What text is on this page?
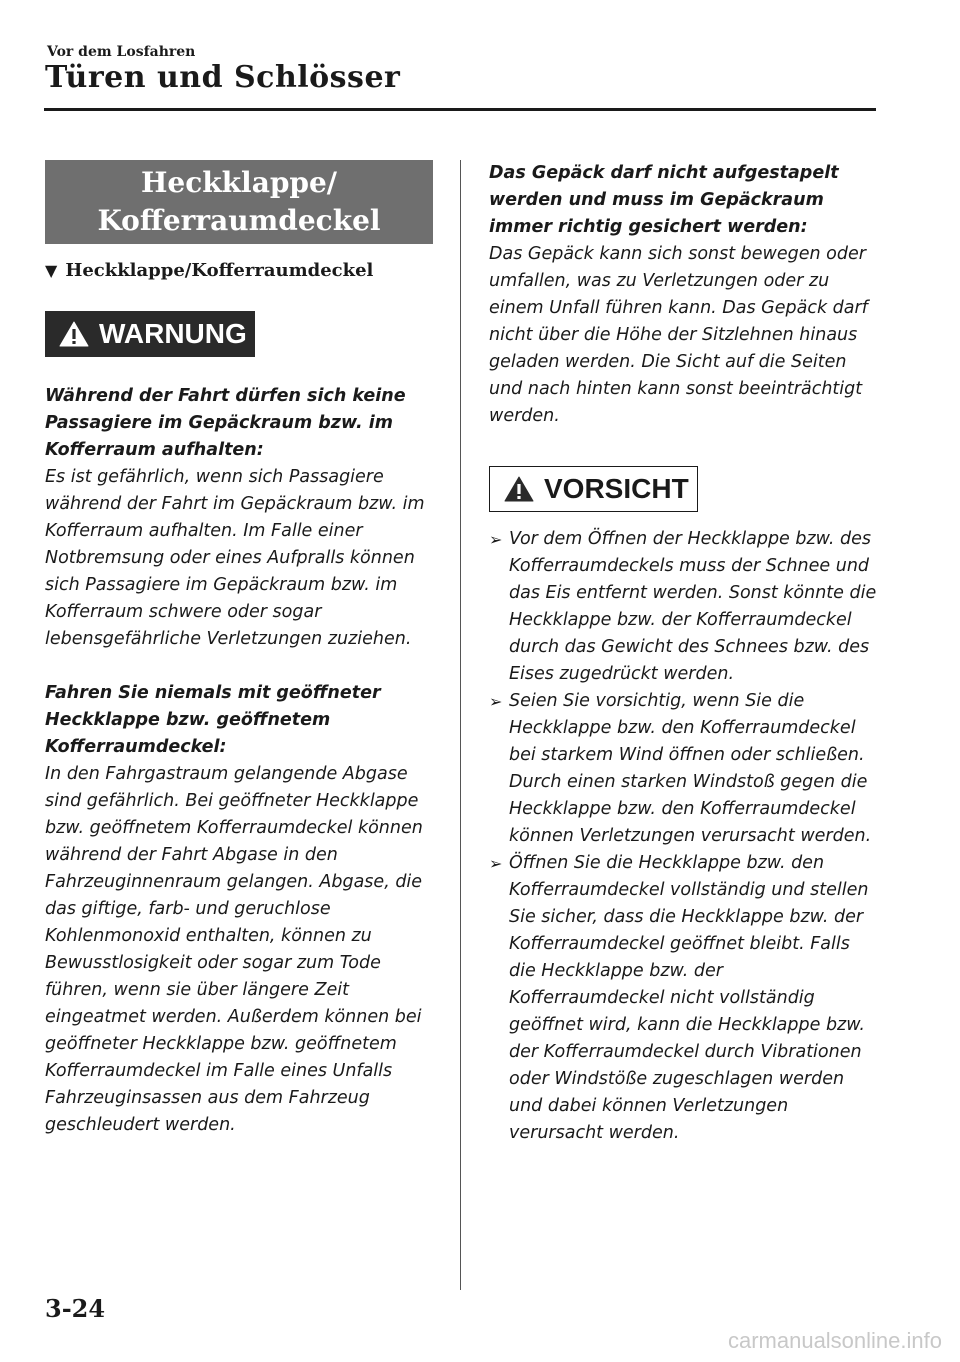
Vor dem Losfahren
Türen und Schlösser
Heckklappe/
Kofferraumdeckel
▼ Heckklappe/Kofferraumdeckel
WARNUNG

Während der Fahrt dürfen sich keine Passagiere im Gepäckraum bzw. im Kofferraum aufhalten:

Es ist gefährlich, wenn sich Passagiere während der Fahrt im Gepäckraum bzw. im Kofferraum aufhalten. Im Falle einer Notbremsung oder eines Aufpralls können sich Passagiere im Gepäckraum bzw. im Kofferraum schwere oder sogar lebensgefährliche Verletzungen zuziehen.

Fahren Sie niemals mit geöffneter Heckklappe bzw. geöffnetem Kofferraumdeckel:

In den Fahrgastraum gelangende Abgase sind gefährlich. Bei geöffneter Heckklappe bzw. geöffnetem Kofferraumdeckel können während der Fahrt Abgase in den Fahrzeuginnenraum gelangen. Abgase, die das giftige, farb- und geruchlose Kohlenmonoxid enthalten, können zu Bewusstlosigkeit oder sogar zum Tode führen, wenn sie über längere Zeit eingeatmet werden. Außerdem können bei geöffneter Heckklappe bzw. geöffnetem Kofferraumdeckel im Falle eines Unfalls Fahrzeuginsassen aus dem Fahrzeug geschleudert werden.

Das Gepäck darf nicht aufgestapelt werden und muss im Gepäckraum immer richtig gesichert werden:

Das Gepäck kann sich sonst bewegen oder umfallen, was zu Verletzungen oder zu einem Unfall führen kann. Das Gepäck darf nicht über die Höhe der Sitzlehnen hinaus geladen werden. Die Sicht auf die Seiten und nach hinten kann sonst beeinträchtigt werden.

VORSICHT
➢ Vor dem Öffnen der Heckklappe bzw. des Kofferraumdeckels muss der Schnee und das Eis entfernt werden. Sonst könnte die Heckklappe bzw. der Kofferraumdeckel durch das Gewicht des Schnees bzw. des Eises zugedrückt werden.

➢ Seien Sie vorsichtig, wenn Sie die Heckklappe bzw. den Kofferraumdeckel bei starkem Wind öffnen oder schließen. Durch einen starken Windstoß gegen die Heckklappe bzw. den Kofferraumdeckel können Verletzungen verursacht werden.

➢ Öffnen Sie die Heckklappe bzw. den Kofferraumdeckel vollständig und stellen Sie sicher, dass die Heckklappe bzw. der Kofferraumdeckel geöffnet bleibt. Falls die Heckklappe bzw. der Kofferraumdeckel nicht vollständig geöffnet wird, kann die Heckklappe bzw. der Kofferraumdeckel durch Vibrationen oder Windstöße zugeschlagen werden und dabei können Verletzungen verursacht werden.

3-24
carmanualsonline.info
